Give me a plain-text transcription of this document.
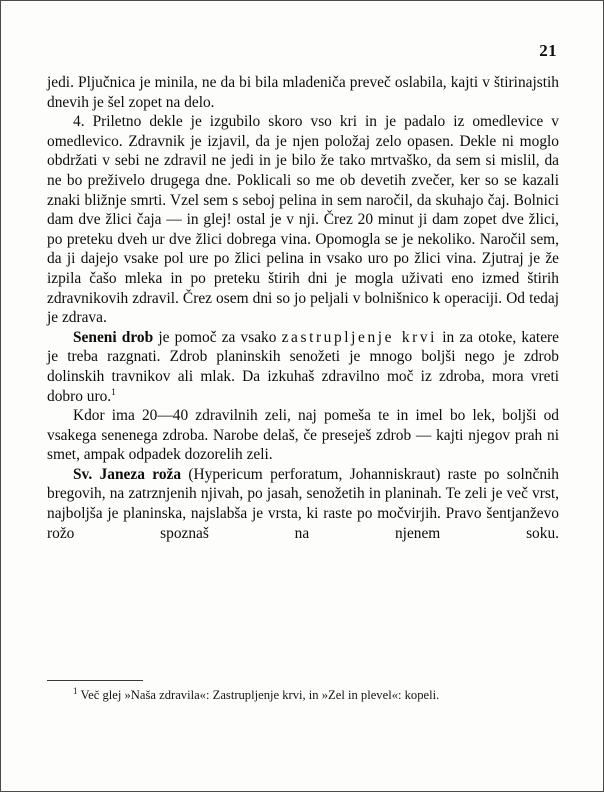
21

jedi. Pljučnica je minila, ne da bi bila mladeniča preveč oslabila, kajti v štirinajstih dnevih je šel zopet na delo.

4. Priletno dekle je izgubilo skoro vso kri in je padalo iz omedlevice v omedlevico. Zdravnik je izjavil, da je njen položaj zelo opasen. Dekle ni moglo obdržati v sebi ne zdravil ne jedi in je bilo že tako mrtvaško, da sem si mislil, da ne bo preživelo drugega dne. Poklicali so me ob devetih zvečer, ker so se kazali znaki bližnje smrti. Vzel sem s seboj pelina in sem naročil, da skuhajo čaj. Bolnici dam dve žlici čaja — in glej! ostal je v nji. Črez 20 minut ji dam zopet dve žlici, po preteku dveh ur dve žlici dobrega vina. Opomogla se je nekoliko. Naročil sem, da ji dajejo vsake pol ure po žlici pelina in vsako uro po žlici vina. Zjutraj je že izpila čašo mleka in po preteku štirih dni je mogla uživati eno izmed štirih zdravnikovih zdravil. Črez osem dni so jo peljali v bolnišnico k operaciji. Od tedaj je zdrava.

Seneni drob je pomoč za vsako zastrupljenje krvi in za otoke, katere je treba razgnati. Zdrob planinskih senožeti je mnogo boljši nego je zdrob dolinskih travnikov ali mlak. Da izkuhaš zdravilno moč iz zdroba, mora vreti dobro uro.$^1$

Kdor ima 20—40 zdravilnih zeli, naj pomeša te in imel bo lek, boljši od vsakega senenega zdroba. Narobe delaš, če preseješ zdrob — kajti njegov prah ni smet, ampak odpadek dozorelih zeli.

Sv. Janeza roža (Hypericum perforatum, Johanniskraut) raste po solnčnih bregovih, na zatrznjenih njivah, po jasah, senožetih in planinah. Te zeli je več vrst, najboljša je planinska, najslabša je vrsta, ki raste po močvirjih. Pravo šentjanževo rožo spoznaš na njenem soku.

$^1$ Več glej »Naša zdravila«: Zastrupljenje krvi, in »Zel in plevel«: kopeli.
